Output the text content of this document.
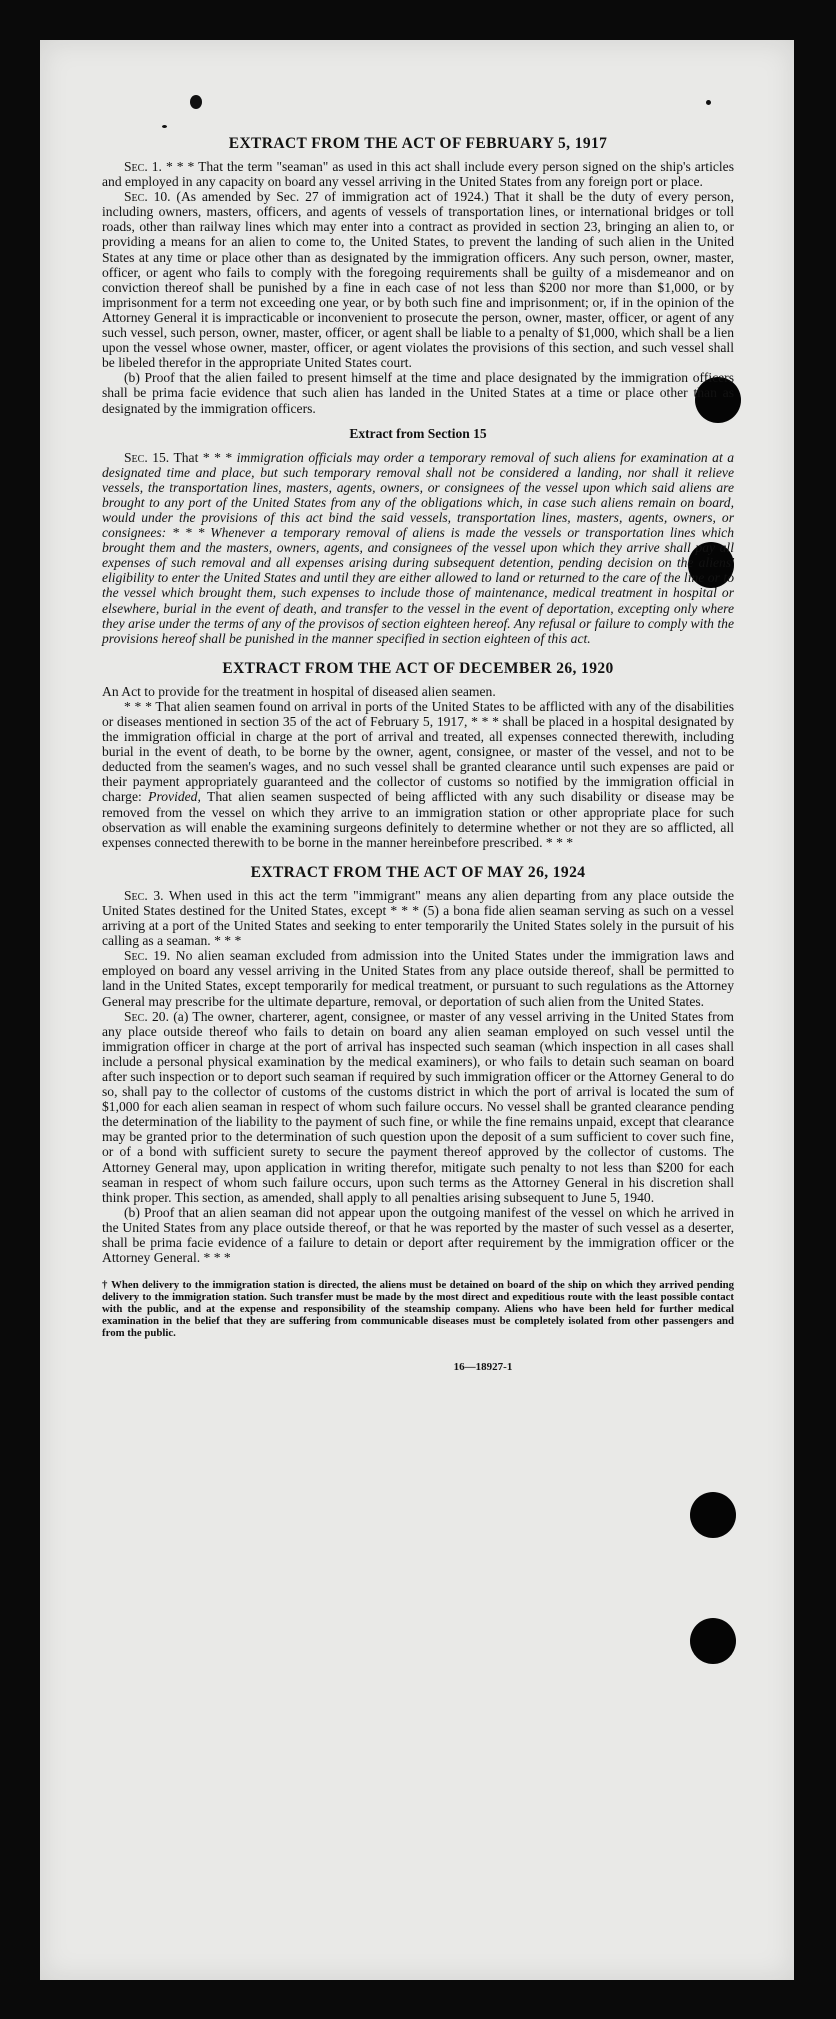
EXTRACT FROM THE ACT OF FEBRUARY 5, 1917

Sec. 1. * * * That the term "seaman" as used in this act shall include every person signed on the ship's articles and employed in any capacity on board any vessel arriving in the United States from any foreign port or place.

Sec. 10. (As amended by Sec. 27 of immigration act of 1924.) That it shall be the duty of every person, including owners, masters, officers, and agents of vessels of transportation lines, or international bridges or toll roads, other than railway lines which may enter into a contract as provided in section 23, bringing an alien to, or providing a means for an alien to come to, the United States, to prevent the landing of such alien in the United States at any time or place other than as designated by the immigration officers. Any such person, owner, master, officer, or agent who fails to comply with the foregoing requirements shall be guilty of a misdemeanor and on conviction thereof shall be punished by a fine in each case of not less than $200 nor more than $1,000, or by imprisonment for a term not exceeding one year, or by both such fine and imprisonment; or, if in the opinion of the Attorney General it is impracticable or inconvenient to prosecute the person, owner, master, officer, or agent of any such vessel, such person, owner, master, officer, or agent shall be liable to a penalty of $1,000, which shall be a lien upon the vessel whose owner, master, officer, or agent violates the provisions of this section, and such vessel shall be libeled therefor in the appropriate United States court.

(b) Proof that the alien failed to present himself at the time and place designated by the immigration officers shall be prima facie evidence that such alien has landed in the United States at a time or place other than as designated by the immigration officers.

Extract from Section 15

Sec. 15. That * * * immigration officials may order a temporary removal of such aliens for examination at a designated time and place, but such temporary removal shall not be considered a landing, nor shall it relieve vessels, the transportation lines, masters, agents, owners, or consignees of the vessel upon which said aliens are brought to any port of the United States from any of the obligations which, in case such aliens remain on board, would under the provisions of this act bind the said vessels, transportation lines, masters, agents, owners, or consignees: * * * Whenever a temporary removal of aliens is made the vessels or transportation lines which brought them and the masters, owners, agents, and consignees of the vessel upon which they arrive shall pay all expenses of such removal and all expenses arising during subsequent detention, pending decision on the aliens' eligibility to enter the United States and until they are either allowed to land or returned to the care of the line or to the vessel which brought them, such expenses to include those of maintenance, medical treatment in hospital or elsewhere, burial in the event of death, and transfer to the vessel in the event of deportation, excepting only where they arise under the terms of any of the provisos of section eighteen hereof. Any refusal or failure to comply with the provisions hereof shall be punished in the manner specified in section eighteen of this act.

EXTRACT FROM THE ACT OF DECEMBER 26, 1920

An Act to provide for the treatment in hospital of diseased alien seamen.

* * * That alien seamen found on arrival in ports of the United States to be afflicted with any of the disabilities or diseases mentioned in section 35 of the act of February 5, 1917, * * * shall be placed in a hospital designated by the immigration official in charge at the port of arrival and treated, all expenses connected therewith, including burial in the event of death, to be borne by the owner, agent, consignee, or master of the vessel, and not to be deducted from the seamen's wages, and no such vessel shall be granted clearance until such expenses are paid or their payment appropriately guaranteed and the collector of customs so notified by the immigration official in charge: Provided, That alien seamen suspected of being afflicted with any such disability or disease may be removed from the vessel on which they arrive to an immigration station or other appropriate place for such observation as will enable the examining surgeons definitely to determine whether or not they are so afflicted, all expenses connected therewith to be borne in the manner hereinbefore prescribed. * * *

EXTRACT FROM THE ACT OF MAY 26, 1924

Sec. 3. When used in this act the term "immigrant" means any alien departing from any place outside the United States destined for the United States, except * * * (5) a bona fide alien seaman serving as such on a vessel arriving at a port of the United States and seeking to enter temporarily the United States solely in the pursuit of his calling as a seaman. * * *

Sec. 19. No alien seaman excluded from admission into the United States under the immigration laws and employed on board any vessel arriving in the United States from any place outside thereof, shall be permitted to land in the United States, except temporarily for medical treatment, or pursuant to such regulations as the Attorney General may prescribe for the ultimate departure, removal, or deportation of such alien from the United States.

Sec. 20. (a) The owner, charterer, agent, consignee, or master of any vessel arriving in the United States from any place outside thereof who fails to detain on board any alien seaman employed on such vessel until the immigration officer in charge at the port of arrival has inspected such seaman (which inspection in all cases shall include a personal physical examination by the medical examiners), or who fails to detain such seaman on board after such inspection or to deport such seaman if required by such immigration officer or the Attorney General to do so, shall pay to the collector of customs of the customs district in which the port of arrival is located the sum of $1,000 for each alien seaman in respect of whom such failure occurs. No vessel shall be granted clearance pending the determination of the liability to the payment of such fine, or while the fine remains unpaid, except that clearance may be granted prior to the determination of such question upon the deposit of a sum sufficient to cover such fine, or of a bond with sufficient surety to secure the payment thereof approved by the collector of customs. The Attorney General may, upon application in writing therefor, mitigate such penalty to not less than $200 for each seaman in respect of whom such failure occurs, upon such terms as the Attorney General in his discretion shall think proper. This section, as amended, shall apply to all penalties arising subsequent to June 5, 1940.

(b) Proof that an alien seaman did not appear upon the outgoing manifest of the vessel on which he arrived in the United States from any place outside thereof, or that he was reported by the master of such vessel as a deserter, shall be prima facie evidence of a failure to detain or deport after requirement by the immigration officer or the Attorney General. * * *

† When delivery to the immigration station is directed, the aliens must be detained on board of the ship on which they arrived pending delivery to the immigration station. Such transfer must be made by the most direct and expeditious route with the least possible contact with the public, and at the expense and responsibility of the steamship company. Aliens who have been held for further medical examination in the belief that they are suffering from communicable diseases must be completely isolated from other passengers and from the public.

16—18927-1
